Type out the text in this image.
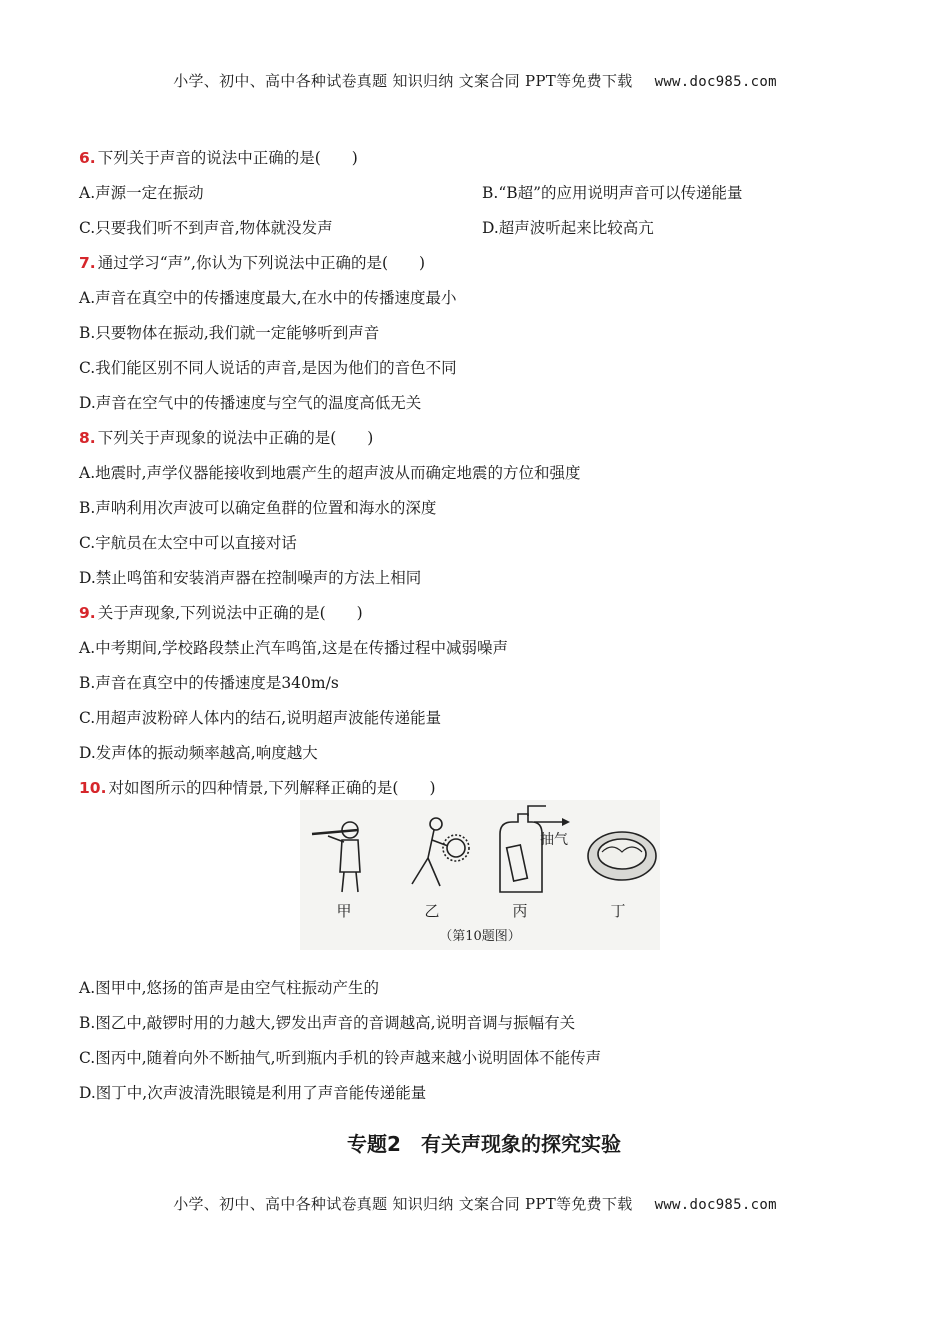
小学、初中、高中各种试卷真题 知识归纳 文案合同 PPT等免费下载 www.doc985.com
6. 下列关于声音的说法中正确的是(　　)
A.声源一定在振动	B.“B超”的应用说明声音可以传递能量
C.只要我们听不到声音,物体就没发声	D.超声波听起来比较高亢
7. 通过学习“声”,你认为下列说法中正确的是(　　)
A.声音在真空中的传播速度最大,在水中的传播速度最小
B.只要物体在振动,我们就一定能够听到声音
C.我们能区别不同人说话的声音,是因为他们的音色不同
D.声音在空气中的传播速度与空气的温度高低无关
8. 下列关于声现象的说法中正确的是(　　)
A.地震时,声学仪器能接收到地震产生的超声波从而确定地震的方位和强度
B.声呐利用次声波可以确定鱼群的位置和海水的深度
C.宇航员在太空中可以直接对话
D.禁止鸣笛和安装消声器在控制噪声的方法上相同
9. 关于声现象,下列说法中正确的是(　　)
A.中考期间,学校路段禁止汽车鸣笛,这是在传播过程中减弱噪声
B.声音在真空中的传播速度是340m/s
C.用超声波粉碎人体内的结石,说明超声波能传递能量
D.发声体的振动频率越高,响度越大
10. 对如图所示的四种情景,下列解释正确的是(　　)
抽气
甲	乙	丙	丁
（第10题图）
A.图甲中,悠扬的笛声是由空气柱振动产生的
B.图乙中,敲锣时用的力越大,锣发出声音的音调越高,说明音调与振幅有关
C.图丙中,随着向外不断抽气,听到瓶内手机的铃声越来越小说明固体不能传声
D.图丁中,次声波清洗眼镜是利用了声音能传递能量
专题2　有关声现象的探究实验
小学、初中、高中各种试卷真题 知识归纳 文案合同 PPT等免费下载 www.doc985.com
